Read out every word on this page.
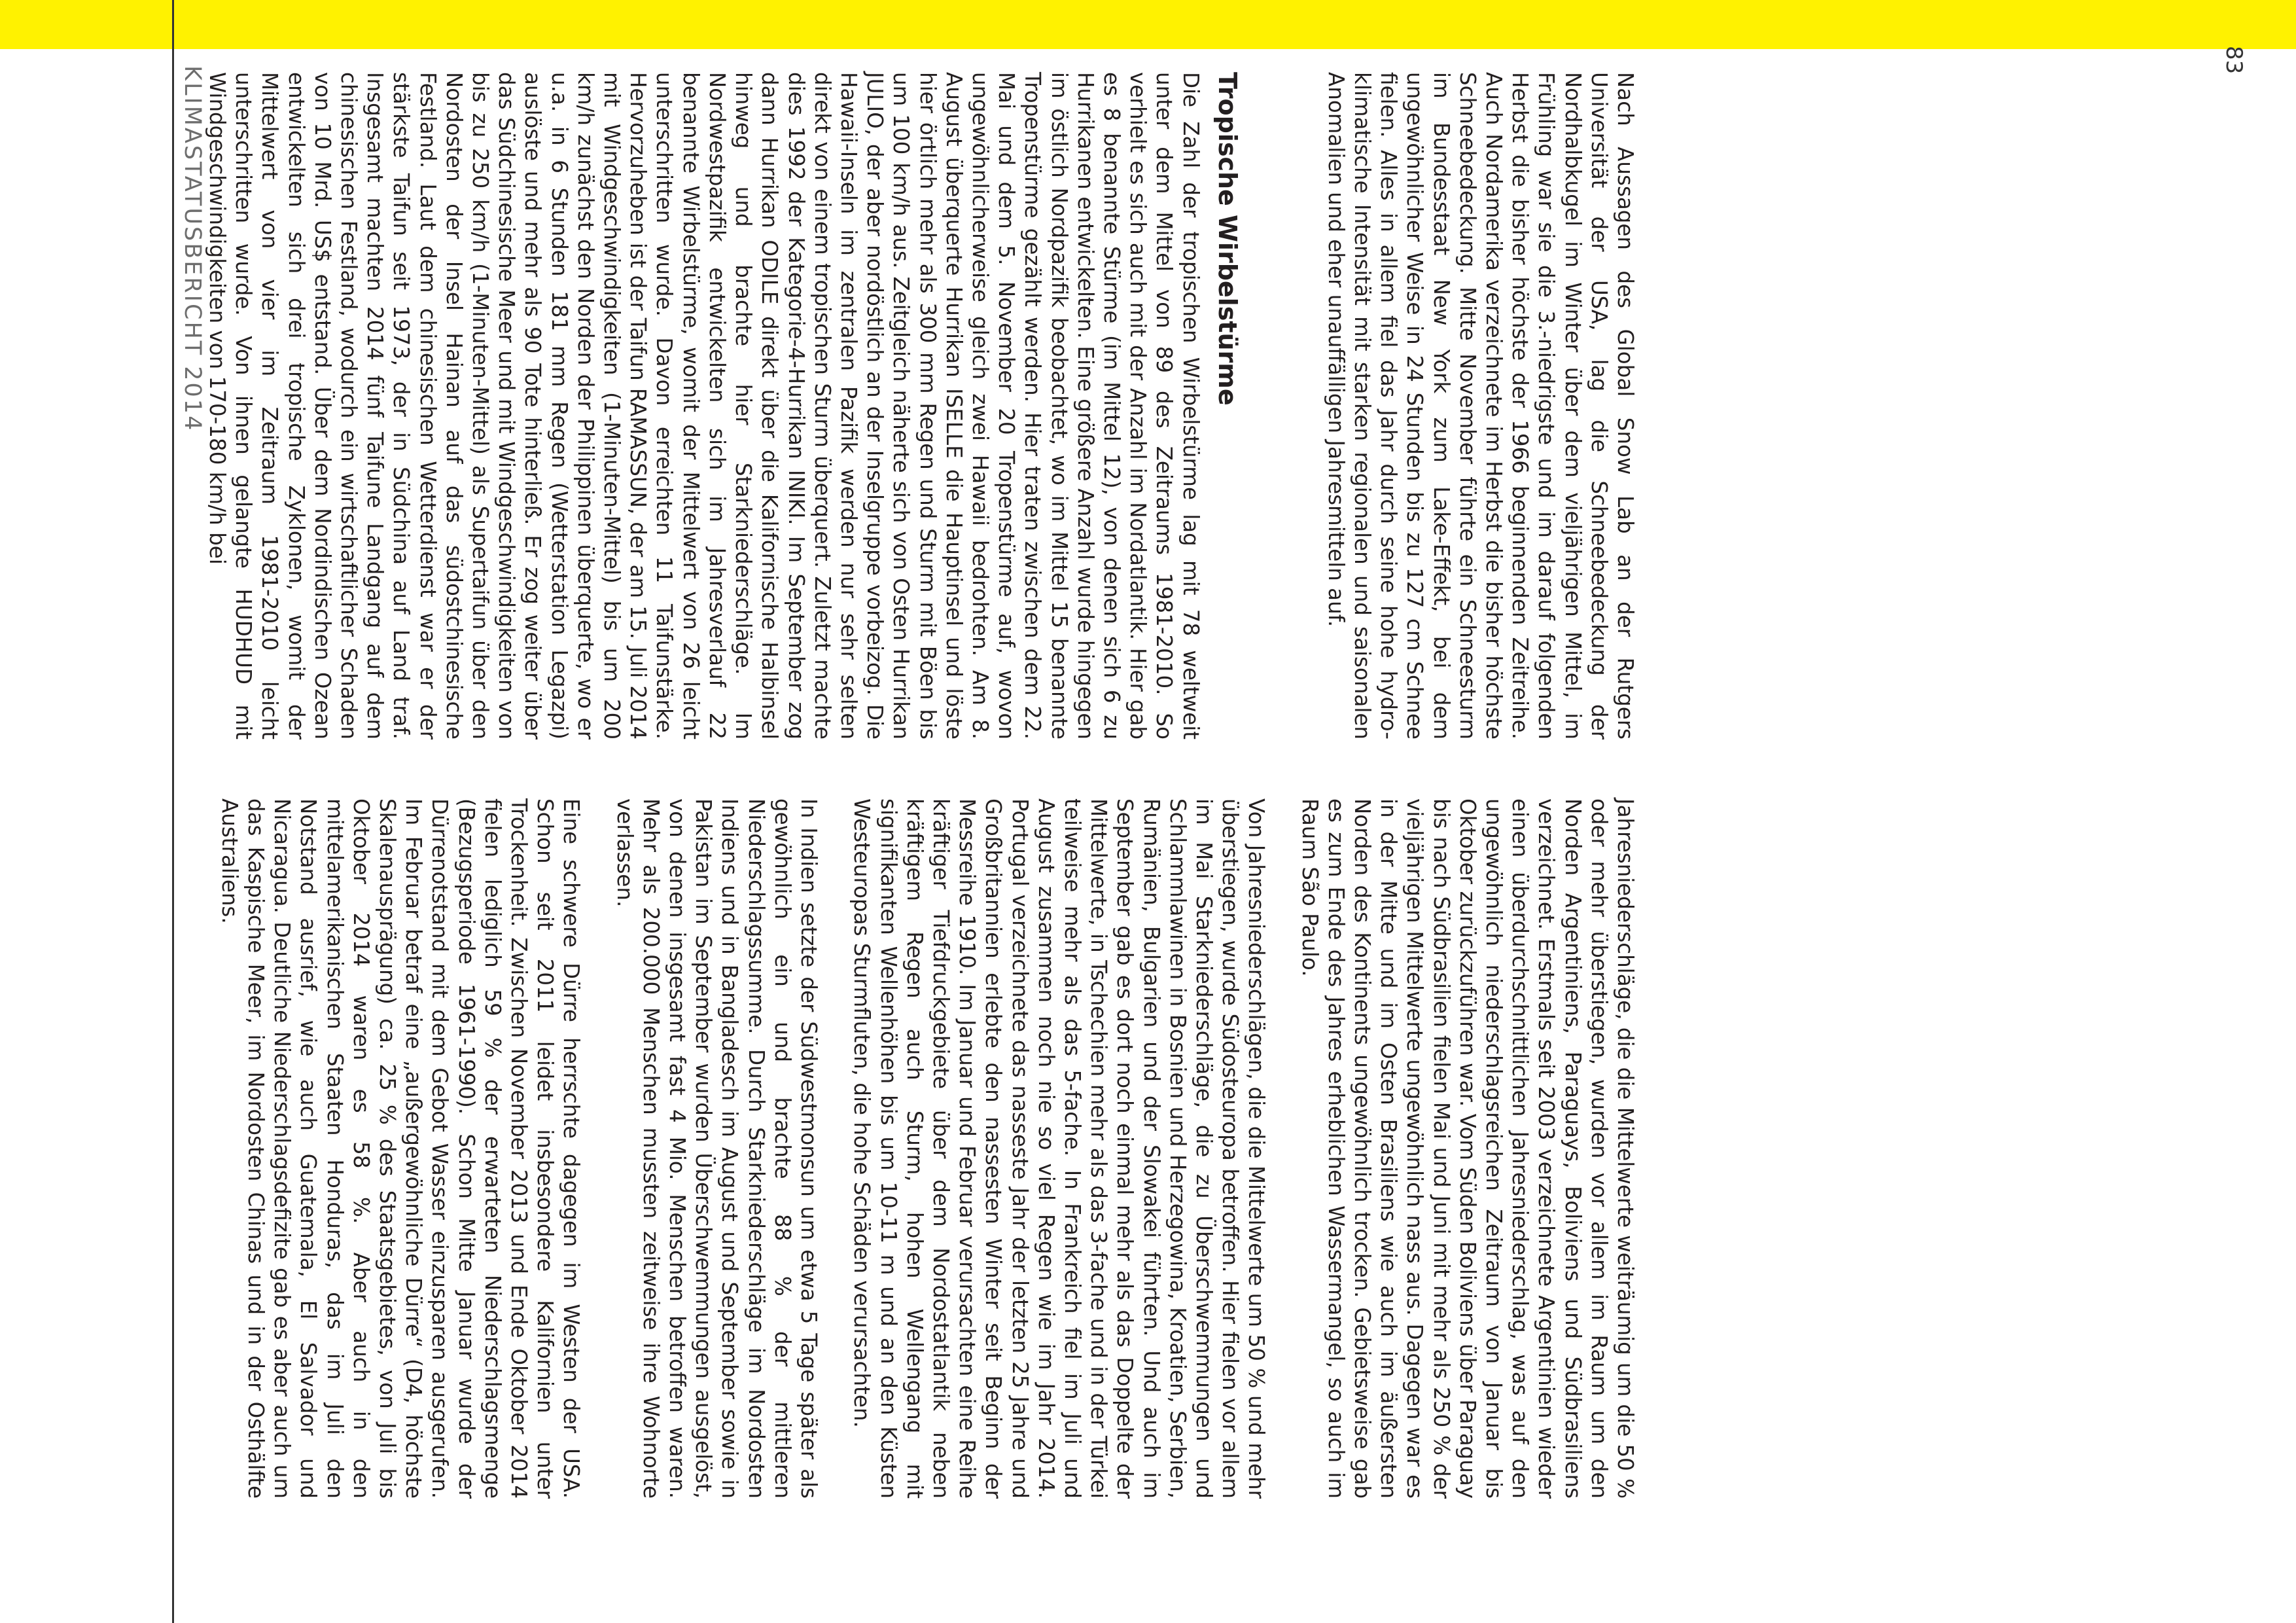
KLIMASTATUSBERICHT 2014
83

Jahresniederschläge, die die Mittelwerte weiträumig um die 50 % oder mehr überstiegen, wurden vor allem im Raum um den Norden Argentiniens, Paraguays, Boliviens und Südbrasiliens verzeichnet. Erstmals seit 2003 verzeichnete Argentinien wieder einen überdurchschnittlichen Jahresniederschlag, was auf den ungewöhnlich niederschlagsreichen Zeitraum von Januar bis Oktober zurückzuführen war. Vom Süden Boliviens über Paraguay bis nach Südbrasilien fielen Mai und Juni mit mehr als 250 % der vieljährigen Mittelwerte ungewöhnlich nass aus. Dagegen war es in der Mitte und im Osten Brasiliens wie auch im äußersten Norden des Kontinents ungewöhnlich trocken. Gebietsweise gab es zum Ende des Jahres erheblichen Wassermangel, so auch im Raum São Paulo.

Von Jahresniederschlägen, die die Mittelwerte um 50 % und mehr überstiegen, wurde Südosteuropa betroffen. Hier fielen vor allem im Mai Starkniederschläge, die zu Überschwemmungen und Schlammlawinen in Bosnien und Herzegowina, Kroatien, Serbien, Rumänien, Bulgarien und der Slowakei führten. Und auch im September gab es dort noch einmal mehr als das Doppelte der Mittelwerte, in Tschechien mehr als das 3-fache und in der Türkei teilweise mehr als das 5-fache. In Frankreich fiel im Juli und August zusammen noch nie so viel Regen wie im Jahr 2014. Portugal verzeichnete das nasseste Jahr der letzten 25 Jahre und Großbritannien erlebte den nassesten Winter seit Beginn der Messreihe 1910. Im Januar und Februar verursachten eine Reihe kräftiger Tiefdruckgebiete über dem Nordostatlantik neben kräftigem Regen auch Sturm, hohen Wellengang mit signifikanten Wellenhöhen bis um 10-11 m und an den Küsten Westeuropas Sturmfluten, die hohe Schäden verursachten.

In Indien setzte der Südwestmonsun um etwa 5 Tage später als gewöhnlich ein und brachte 88 % der mittleren Niederschlagssumme. Durch Starkniederschläge im Nordosten Indiens und in Bangladesch im August und September sowie in Pakistan im September wurden Überschwemmungen ausgelöst, von denen insgesamt fast 4 Mio. Menschen betroffen waren. Mehr als 200.000 Menschen mussten zeitweise ihre Wohnorte verlassen.

Eine schwere Dürre herrschte dagegen im Westen der USA. Schon seit 2011 leidet insbesondere Kalifornien unter Trockenheit. Zwischen November 2013 und Ende Oktober 2014 fielen lediglich 59 % der erwarteten Niederschlagsmenge (Bezugsperiode 1961-1990). Schon Mitte Januar wurde der Dürrenotstand mit dem Gebot Wasser einzusparen ausgerufen. Im Februar betraf eine „außergewöhnliche Dürre“ (D4, höchste Skalenausprägung) ca. 25 % des Staatsgebietes, von Juli bis Oktober 2014 waren es 58 %. Aber auch in den mittelamerikanischen Staaten Honduras, das im Juli den Notstand ausrief, wie auch Guatemala, El Salvador und Nicaragua. Deutliche Niederschlagsdefizite gab es aber auch um das Kaspische Meer, im Nordosten Chinas und in der Osthälfte Australiens.

Nach Aussagen des Global Snow Lab an der Rutgers Universität der USA, lag die Schneebedeckung der Nordhalbkugel im Winter über dem vieljährigen Mittel, im Frühling war sie die 3.-niedrigste und im darauf folgenden Herbst die bisher höchste der 1966 beginnenden Zeitreihe. Auch Nordamerika verzeichnete im Herbst die bisher höchste Schneebedeckung. Mitte November führte ein Schneesturm im Bundesstaat New York zum Lake-Effekt, bei dem ungewöhnlicher Weise in 24 Stunden bis zu 127 cm Schnee fielen. Alles in allem fiel das Jahr durch seine hohe hydro-klimatische Intensität mit starken regionalen und saisonalen Anomalien und eher unauffälligen Jahresmitteln auf.

Tropische Wirbelstürme

Die Zahl der tropischen Wirbelstürme lag mit 78 weltweit unter dem Mittel von 89 des Zeitraums 1981-2010. So verhielt es sich auch mit der Anzahl im Nordatlantik. Hier gab es 8 benannte Stürme (im Mittel 12), von denen sich 6 zu Hurrikanen entwickelten. Eine größere Anzahl wurde hingegen im östlich Nordpazifik beobachtet, wo im Mittel 15 benannte Tropenstürme gezählt werden. Hier traten zwischen dem 22. Mai und dem 5. November 20 Tropenstürme auf, wovon ungewöhnlicherweise gleich zwei Hawaii bedrohten. Am 8. August überquerte Hurrikan ISELLE die Hauptinsel und löste hier örtlich mehr als 300 mm Regen und Sturm mit Böen bis um 100 km/h aus. Zeitgleich näherte sich von Osten Hurrikan JULIO, der aber nordöstlich an der Inselgruppe vorbeizog. Die Hawaii-Inseln im zentralen Pazifik werden nur sehr selten direkt von einem tropischen Sturm überquert. Zuletzt machte dies 1992 der Kategorie-4-Hurrikan INIKI. Im September zog dann Hurrikan ODILE direkt über die Kalifornische Halbinsel hinweg und brachte hier Starkniederschläge. Im Nordwestpazifik entwickelten sich im Jahresverlauf 22 benannte Wirbelstürme, womit der Mittelwert von 26 leicht unterschritten wurde. Davon erreichten 11 Taifunstärke. Hervorzuheben ist der Taifun RAMASSUN, der am 15. Juli 2014 mit Windgeschwindigkeiten (1-Minuten-Mittel) bis um 200 km/h zunächst den Norden der Philippinen überquerte, wo er u.a. in 6 Stunden 181 mm Regen (Wetterstation Legazpi) auslöste und mehr als 90 Tote hinterließ. Er zog weiter über das Südchinesische Meer und mit Windgeschwindigkeiten von bis zu 250 km/h (1-Minuten-Mittel) als Supertaifun über den Nordosten der Insel Hainan auf das südostchinesische Festland. Laut dem chinesischen Wetterdienst war er der stärkste Taifun seit 1973, der in Südchina auf Land traf. Insgesamt machten 2014 fünf Taifune Landgang auf dem chinesischen Festland, wodurch ein wirtschaftlicher Schaden von 10 Mrd. US$ entstand. Über dem Nordindischen Ozean entwickelten sich drei tropische Zyklonen, womit der Mittelwert von vier im Zeitraum 1981-2010 leicht unterschritten wurde. Von ihnen gelangte HUDHUD mit Windgeschwindigkeiten von 170-180 km/h bei
